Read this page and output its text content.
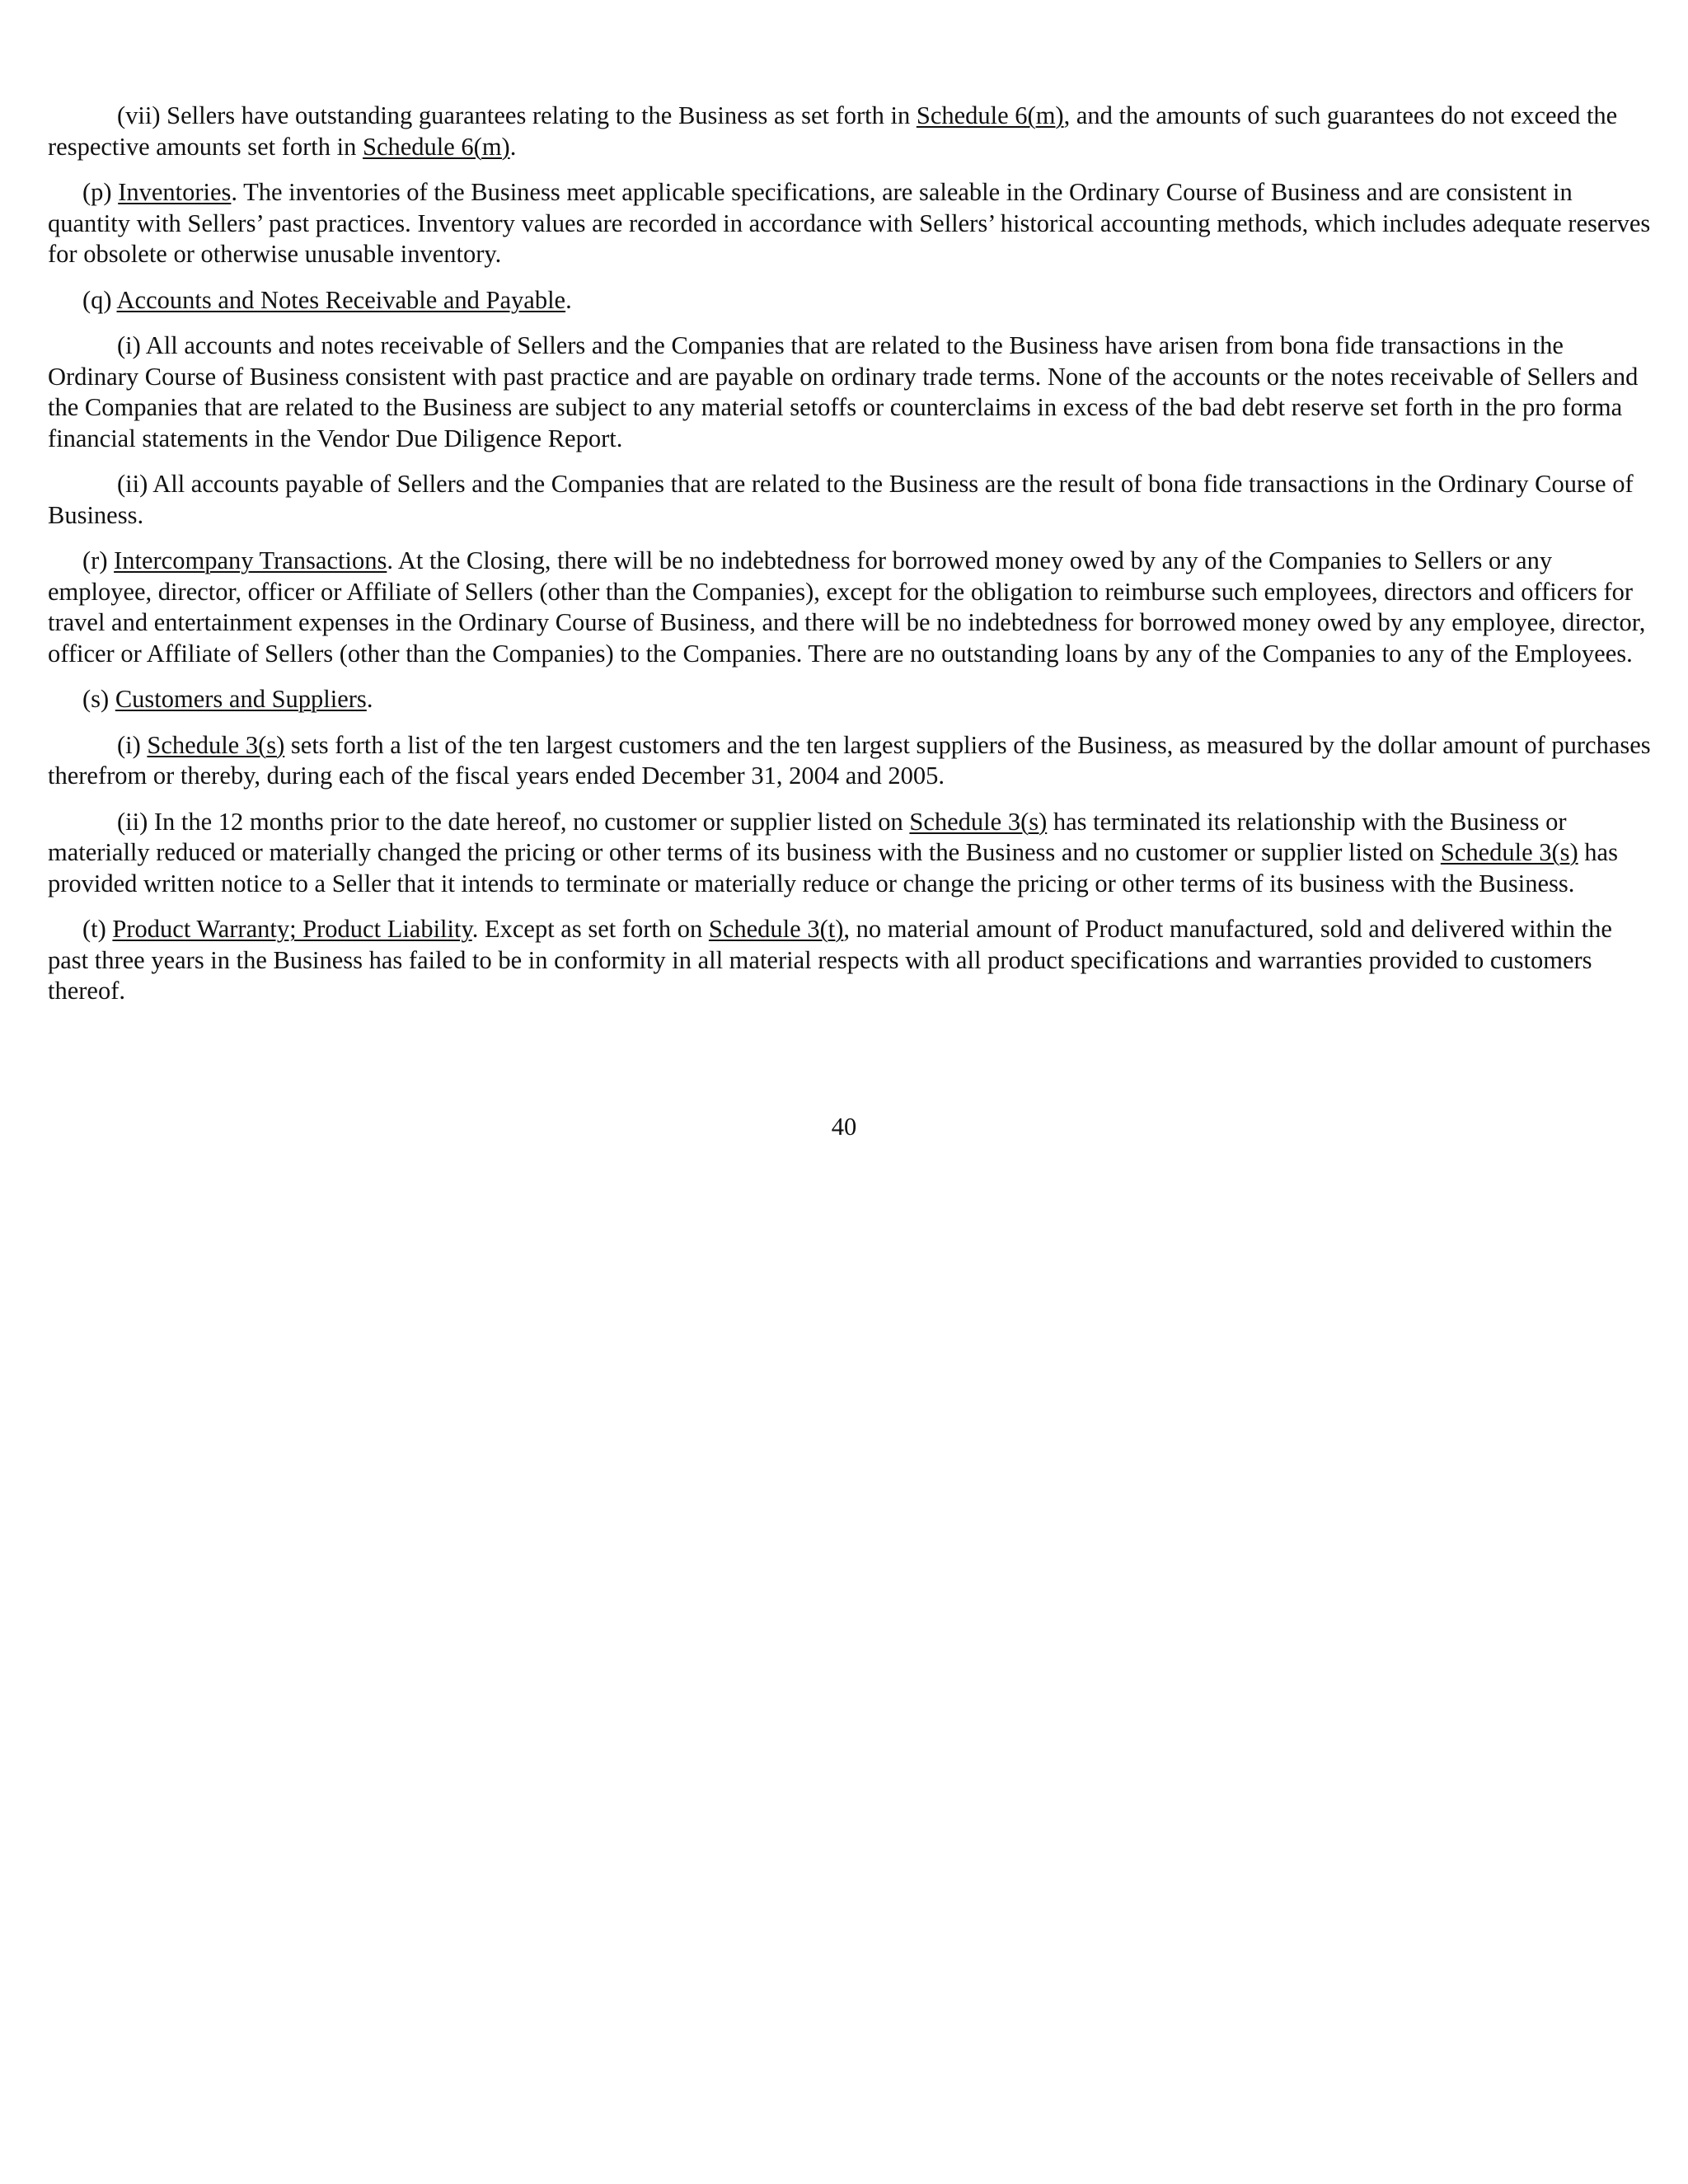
(vii) Sellers have outstanding guarantees relating to the Business as set forth in Schedule 6(m), and the amounts of such guarantees do not exceed the respective amounts set forth in Schedule 6(m).

(p) Inventories. The inventories of the Business meet applicable specifications, are saleable in the Ordinary Course of Business and are consistent in quantity with Sellers’ past practices. Inventory values are recorded in accordance with Sellers’ historical accounting methods, which includes adequate reserves for obsolete or otherwise unusable inventory.

(q) Accounts and Notes Receivable and Payable.

(i) All accounts and notes receivable of Sellers and the Companies that are related to the Business have arisen from bona fide transactions in the Ordinary Course of Business consistent with past practice and are payable on ordinary trade terms. None of the accounts or the notes receivable of Sellers and the Companies that are related to the Business are subject to any material setoffs or counterclaims in excess of the bad debt reserve set forth in the pro forma financial statements in the Vendor Due Diligence Report.

(ii) All accounts payable of Sellers and the Companies that are related to the Business are the result of bona fide transactions in the Ordinary Course of Business.

(r) Intercompany Transactions. At the Closing, there will be no indebtedness for borrowed money owed by any of the Companies to Sellers or any employee, director, officer or Affiliate of Sellers (other than the Companies), except for the obligation to reimburse such employees, directors and officers for travel and entertainment expenses in the Ordinary Course of Business, and there will be no indebtedness for borrowed money owed by any employee, director, officer or Affiliate of Sellers (other than the Companies) to the Companies. There are no outstanding loans by any of the Companies to any of the Employees.

(s) Customers and Suppliers.

(i) Schedule 3(s) sets forth a list of the ten largest customers and the ten largest suppliers of the Business, as measured by the dollar amount of purchases therefrom or thereby, during each of the fiscal years ended December 31, 2004 and 2005.

(ii) In the 12 months prior to the date hereof, no customer or supplier listed on Schedule 3(s) has terminated its relationship with the Business or materially reduced or materially changed the pricing or other terms of its business with the Business and no customer or supplier listed on Schedule 3(s) has provided written notice to a Seller that it intends to terminate or materially reduce or change the pricing or other terms of its business with the Business.

(t) Product Warranty; Product Liability. Except as set forth on Schedule 3(t), no material amount of Product manufactured, sold and delivered within the past three years in the Business has failed to be in conformity in all material respects with all product specifications and warranties provided to customers thereof.

40
